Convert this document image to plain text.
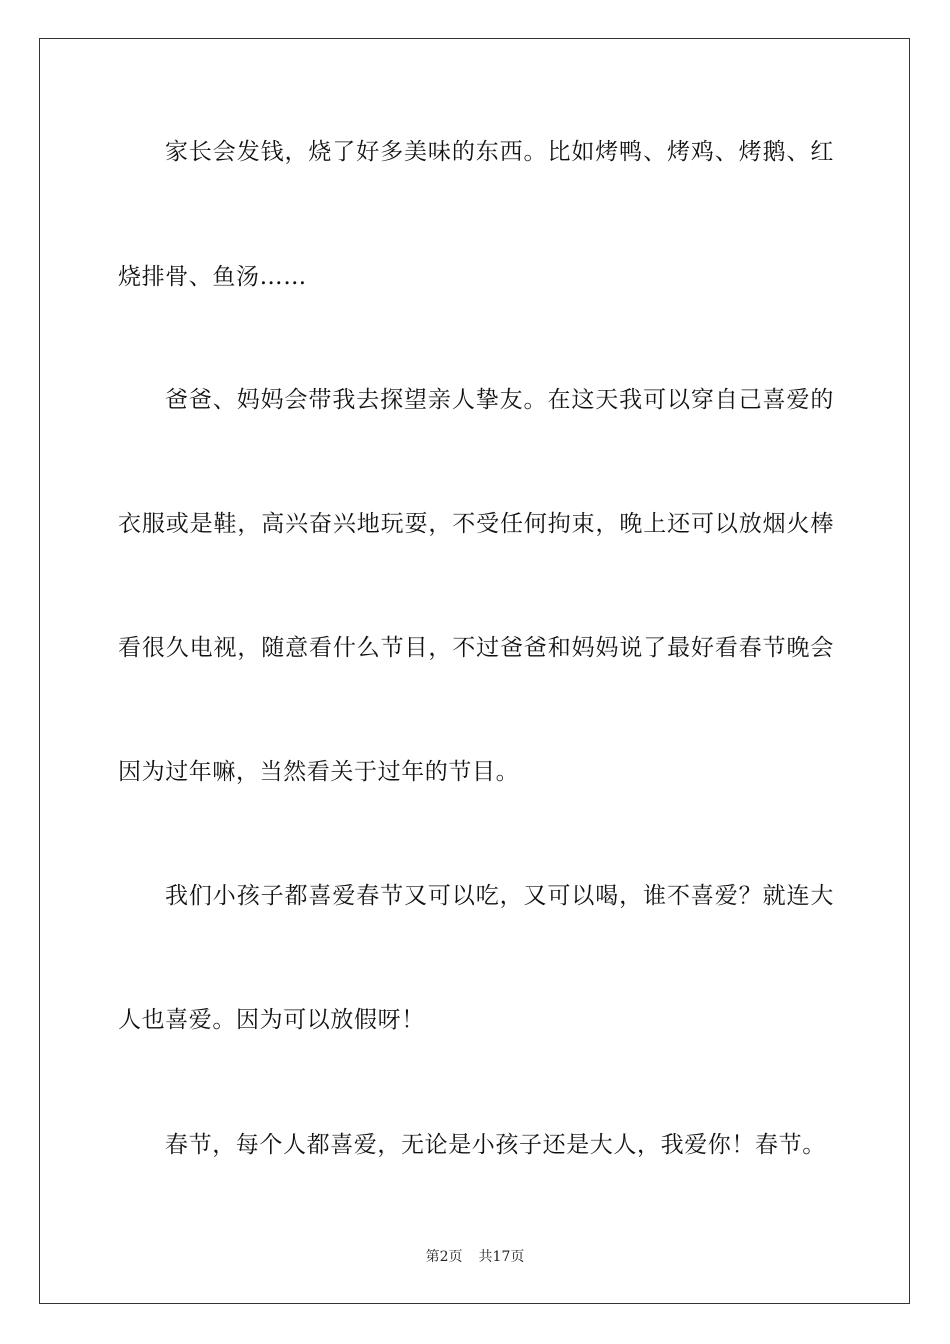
家长会发钱，烧了好多美味的东西。比如烤鸭、烤鸡、烤鹅、红
烧排骨、鱼汤……
爸爸、妈妈会带我去探望亲人挚友。在这天我可以穿自己喜爱的
衣服或是鞋，高兴奋兴地玩耍，不受任何拘束，晚上还可以放烟火棒
看很久电视，随意看什么节目，不过爸爸和妈妈说了最好看春节晚会
因为过年嘛，当然看关于过年的节目。
我们小孩子都喜爱春节又可以吃，又可以喝，谁不喜爱？就连大
人也喜爱。因为可以放假呀！
春节，每个人都喜爱，无论是小孩子还是大人，我爱你！春节。
第2页 共17页
